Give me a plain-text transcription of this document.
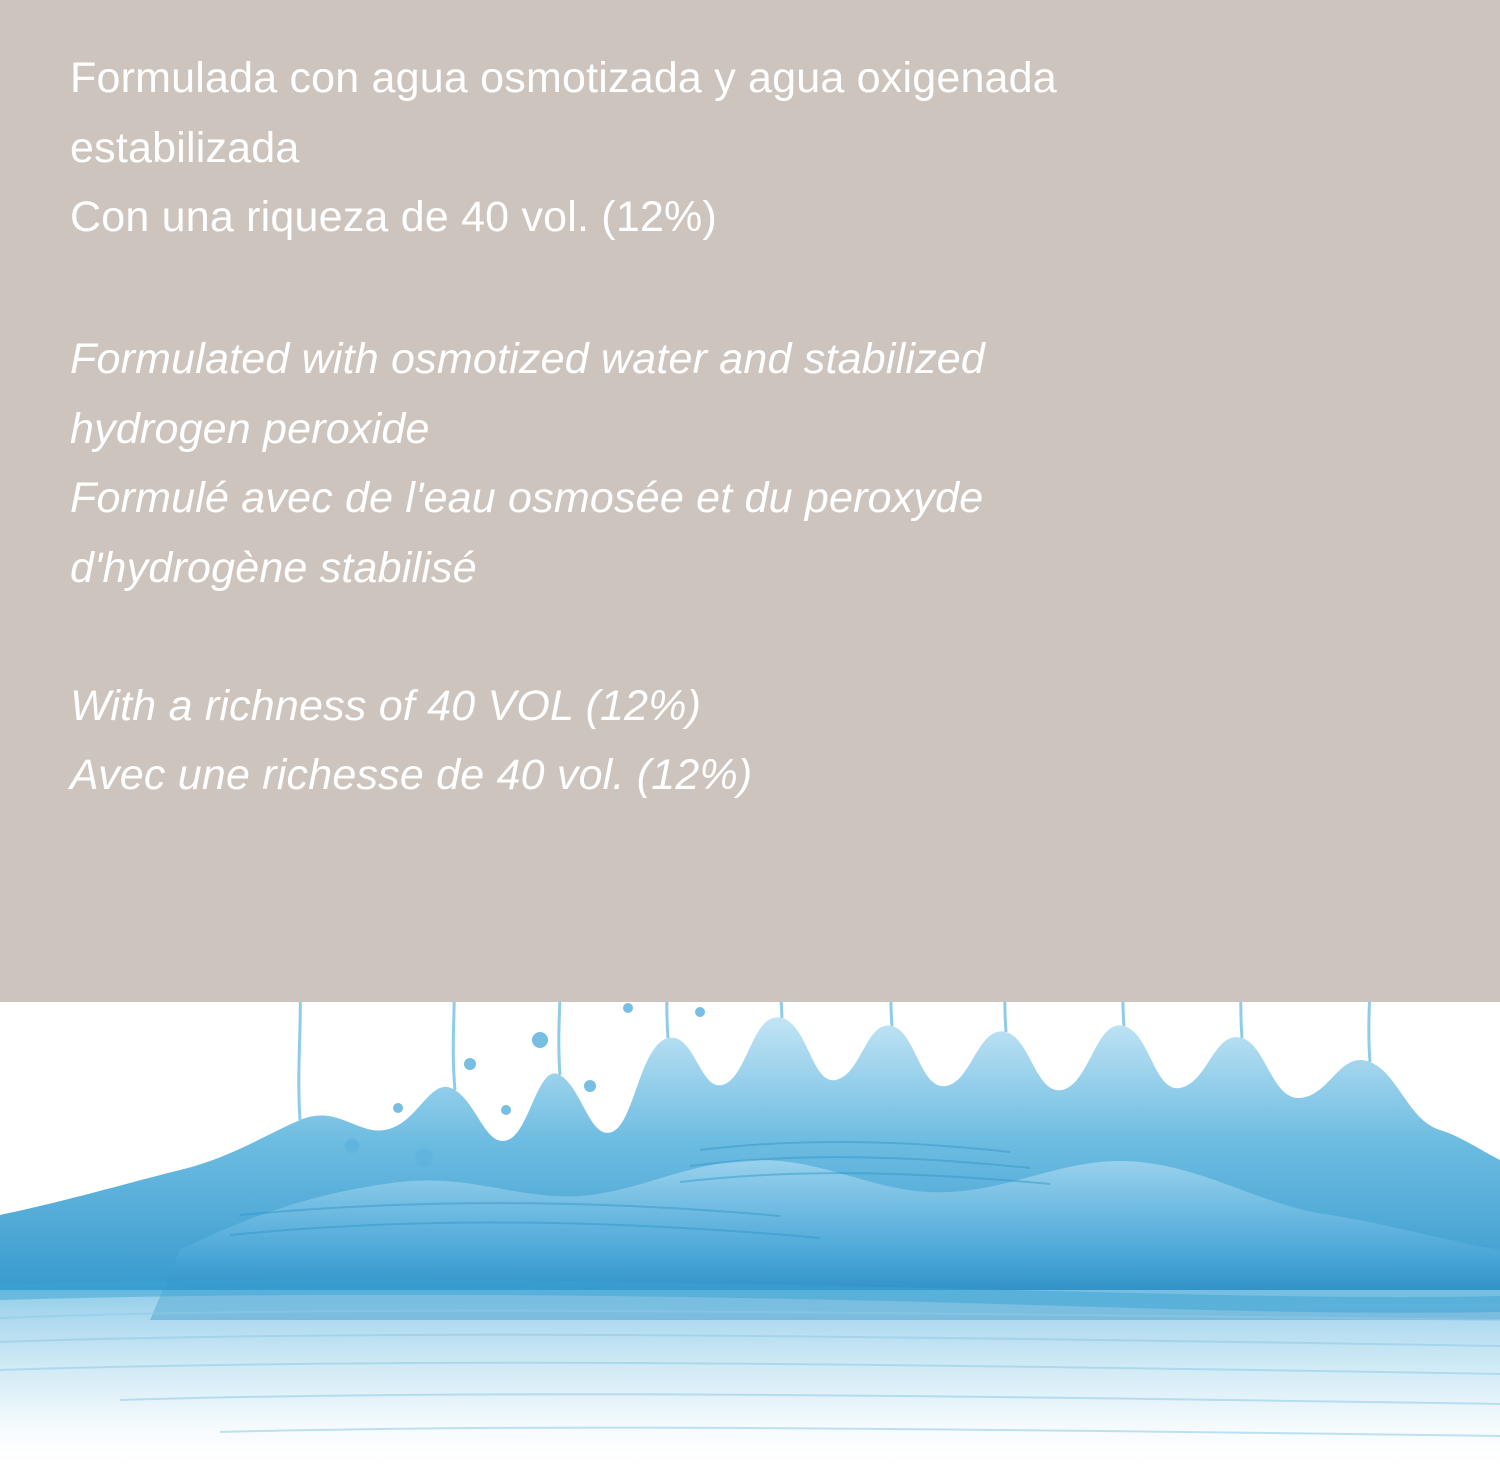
Formulada con agua osmotizada y agua oxigenada
estabilizada
Con una riqueza de 40 vol. (12%)
Formulated with osmotized water and stabilized
hydrogen peroxide
Formulé avec de l'eau osmosée et du peroxyde
d'hydrogène stabilisé
With a richness of 40 VOL (12%)
Avec une richesse de 40 vol. (12%)
